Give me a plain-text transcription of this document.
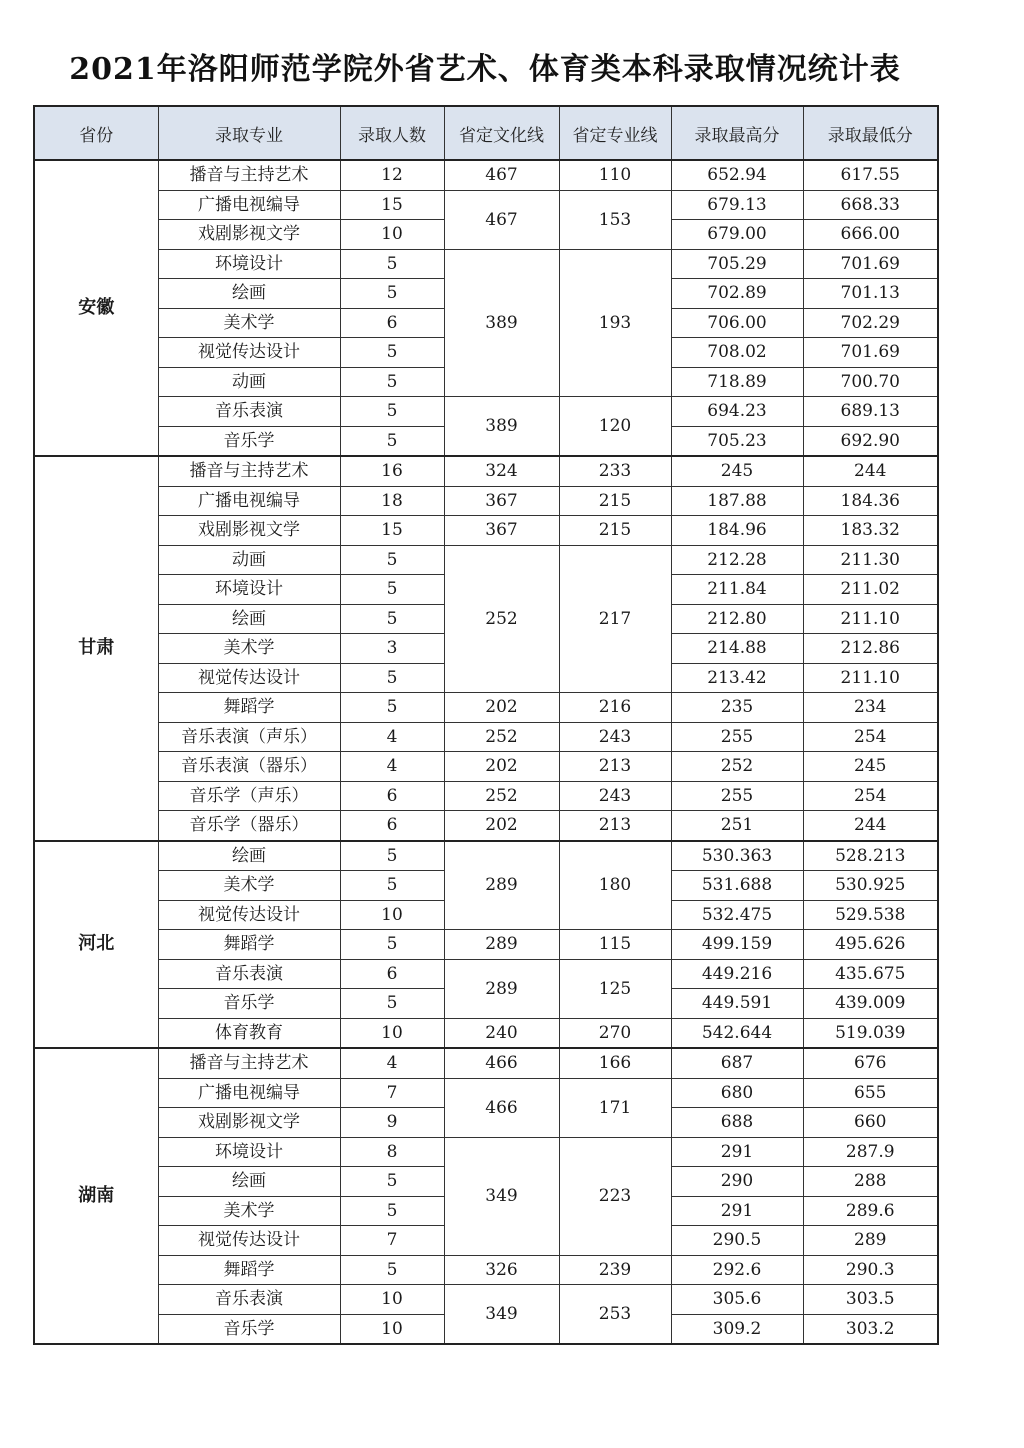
2021年洛阳师范学院外省艺术、体育类本科录取情况统计表
省份	录取专业	录取人数	省定文化线	省定专业线	录取最高分	录取最低分
安徽	播音与主持艺术	12	467	110	652.94	617.55
	广播电视编导	15	467	153	679.13	668.33
	戏剧影视文学	10			679.00	666.00
	环境设计	5	389	193	705.29	701.69
	绘画	5			702.89	701.13
	美术学	6			706.00	702.29
	视觉传达设计	5			708.02	701.69
	动画	5			718.89	700.70
	音乐表演	5	389	120	694.23	689.13
	音乐学	5			705.23	692.90
甘肃	播音与主持艺术	16	324	233	245	244
	广播电视编导	18	367	215	187.88	184.36
	戏剧影视文学	15	367	215	184.96	183.32
	动画	5	252	217	212.28	211.30
	环境设计	5			211.84	211.02
	绘画	5			212.80	211.10
	美术学	3			214.88	212.86
	视觉传达设计	5			213.42	211.10
	舞蹈学	5	202	216	235	234
	音乐表演（声乐）	4	252	243	255	254
	音乐表演（器乐）	4	202	213	252	245
	音乐学（声乐）	6	252	243	255	254
	音乐学（器乐）	6	202	213	251	244
河北	绘画	5	289	180	530.363	528.213
	美术学	5			531.688	530.925
	视觉传达设计	10			532.475	529.538
	舞蹈学	5	289	115	499.159	495.626
	音乐表演	6	289	125	449.216	435.675
	音乐学	5			449.591	439.009
	体育教育	10	240	270	542.644	519.039
湖南	播音与主持艺术	4	466	166	687	676
	广播电视编导	7	466	171	680	655
	戏剧影视文学	9			688	660
	环境设计	8	349	223	291	287.9
	绘画	5			290	288
	美术学	5			291	289.6
	视觉传达设计	7			290.5	289
	舞蹈学	5	326	239	292.6	290.3
	音乐表演	10	349	253	305.6	303.5
	音乐学	10			309.2	303.2
